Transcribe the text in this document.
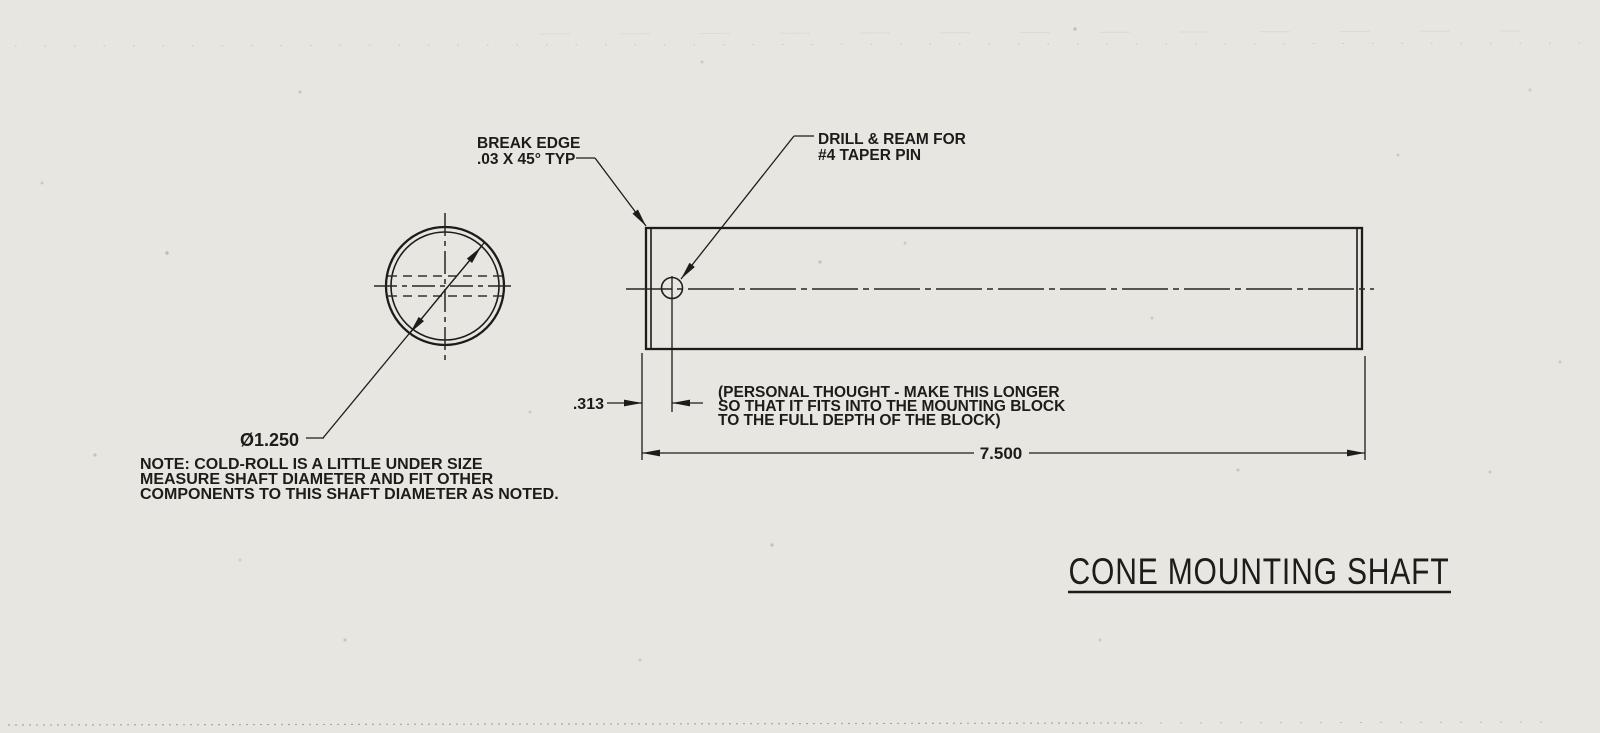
Ø1.250
.313
7.500
BREAK EDGE
.03 X 45° TYP
DRILL & REAM FOR
#4 TAPER PIN
(PERSONAL THOUGHT - MAKE THIS LONGER
SO THAT IT FITS INTO THE MOUNTING BLOCK
TO THE FULL DEPTH OF THE BLOCK)
NOTE: COLD-ROLL IS A LITTLE UNDER SIZE
MEASURE SHAFT DIAMETER AND FIT OTHER
COMPONENTS TO THIS SHAFT DIAMETER AS NOTED.
CONE MOUNTING SHAFT
